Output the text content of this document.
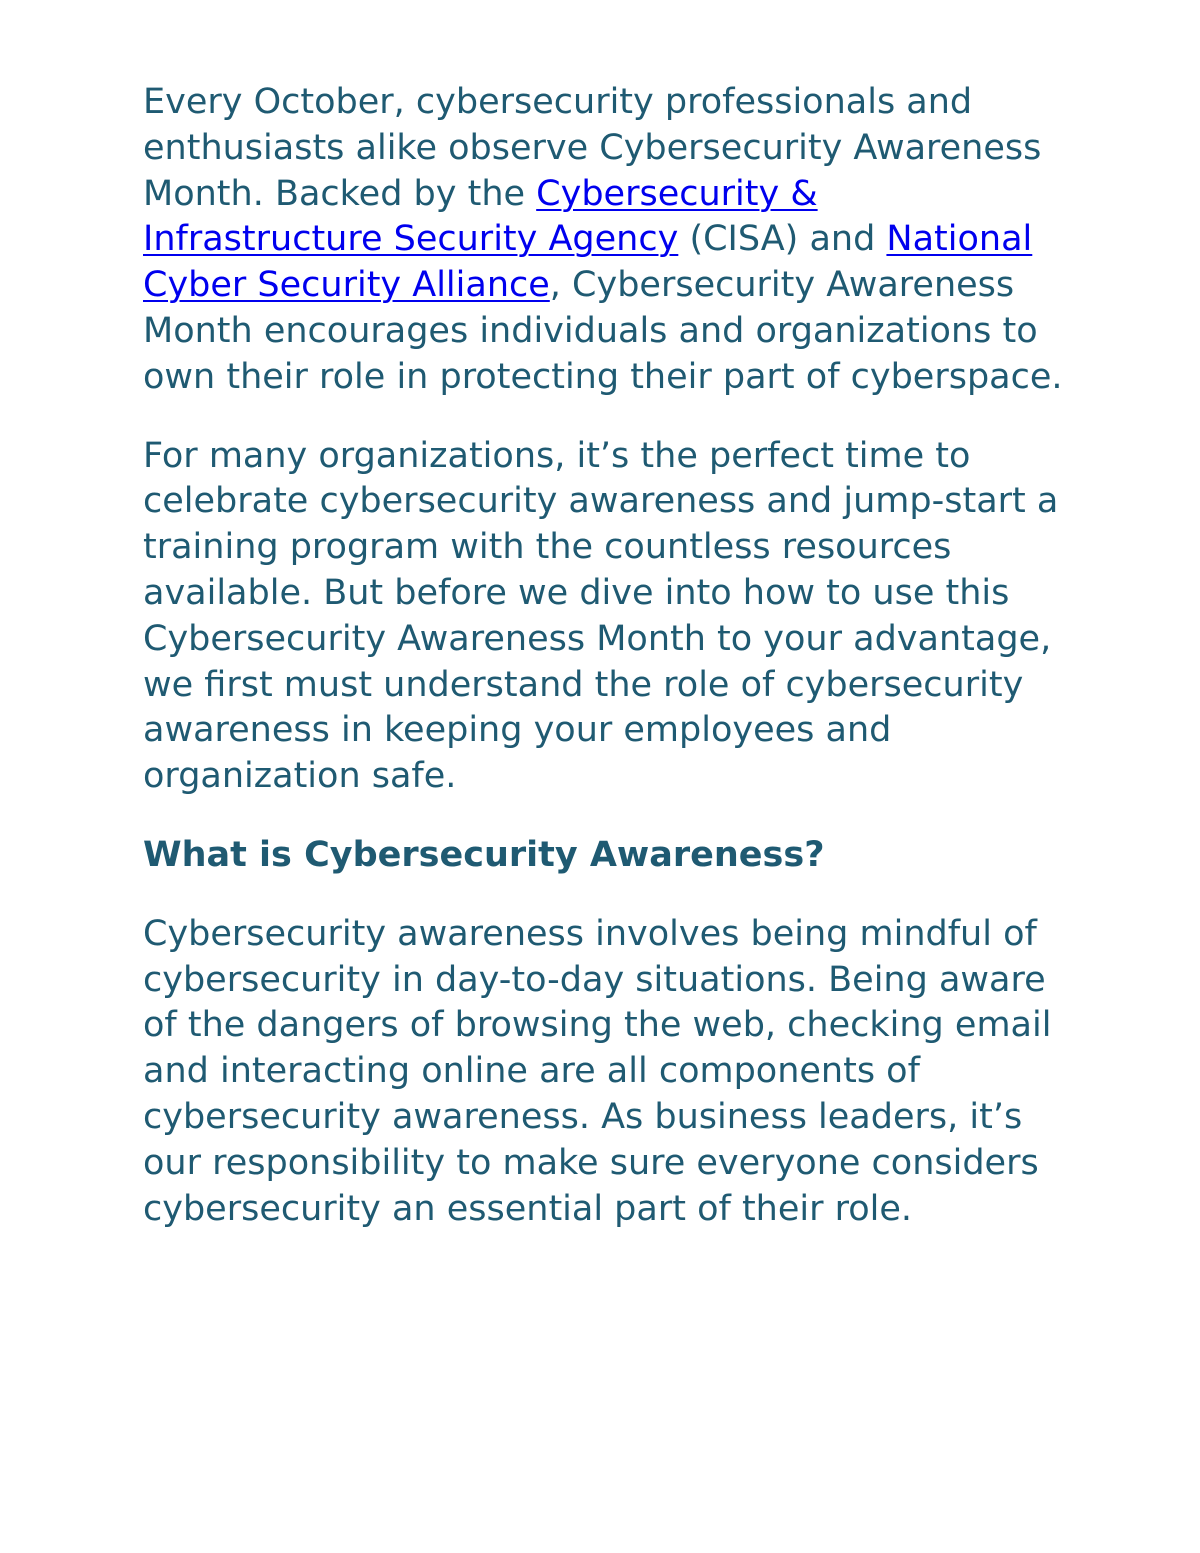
Every October, cybersecurity professionals and enthusiasts alike observe Cybersecurity Awareness Month. Backed by the Cybersecurity & Infrastructure Security Agency (CISA) and National Cyber Security Alliance, Cybersecurity Awareness Month encourages individuals and organizations to own their role in protecting their part of cyberspace.

For many organizations, it’s the perfect time to celebrate cybersecurity awareness and jump-start a training program with the countless resources available. But before we dive into how to use this Cybersecurity Awareness Month to your advantage, we first must understand the role of cybersecurity awareness in keeping your employees and organization safe.

What is Cybersecurity Awareness?

Cybersecurity awareness involves being mindful of cybersecurity in day-to-day situations. Being aware of the dangers of browsing the web, checking email and interacting online are all components of cybersecurity awareness. As business leaders, it’s our responsibility to make sure everyone considers cybersecurity an essential part of their role.
